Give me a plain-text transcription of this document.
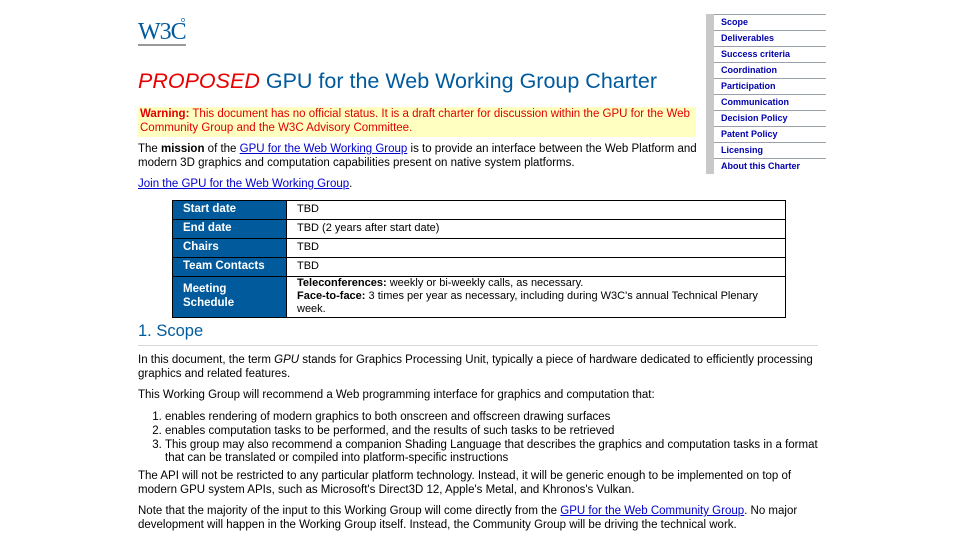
W3C	Scope
Deliverables
Success criteria
Coordination
Participation
Communication
Decision Policy
Patent Policy
Licensing
About this Charter
PROPOSED GPU for the Web Working Group Charter

Warning: This document has no official status. It is a draft charter for discussion within the GPU for the Web Community Group and the W3C Advisory Committee.

The mission of the GPU for the Web Working Group is to provide an interface between the Web Platform and modern 3D graphics and computation capabilities present on native system platforms.

Join the GPU for the Web Working Group.

Start date	TBD
End date	TBD (2 years after start date)
Chairs	TBD
Team Contacts	TBD
Meeting Schedule	Teleconferences: weekly or bi-weekly calls, as necessary.
Face-to-face: 3 times per year as necessary, including during W3C's annual Technical Plenary week.
1. Scope

In this document, the term GPU stands for Graphics Processing Unit, typically a piece of hardware dedicated to efficiently processing graphics and related features.

This Working Group will recommend a Web programming interface for graphics and computation that:

1. enables rendering of modern graphics to both onscreen and offscreen drawing surfaces
2. enables computation tasks to be performed, and the results of such tasks to be retrieved
3. This group may also recommend a companion Shading Language that describes the graphics and computation tasks in a format that can be translated or compiled into platform-specific instructions

The API will not be restricted to any particular platform technology. Instead, it will be generic enough to be implemented on top of modern GPU system APIs, such as Microsoft's Direct3D 12, Apple's Metal, and Khronos's Vulkan.

Note that the majority of the input to this Working Group will come directly from the GPU for the Web Community Group. No major development will happen in the Working Group itself. Instead, the Community Group will be driving the technical work.
